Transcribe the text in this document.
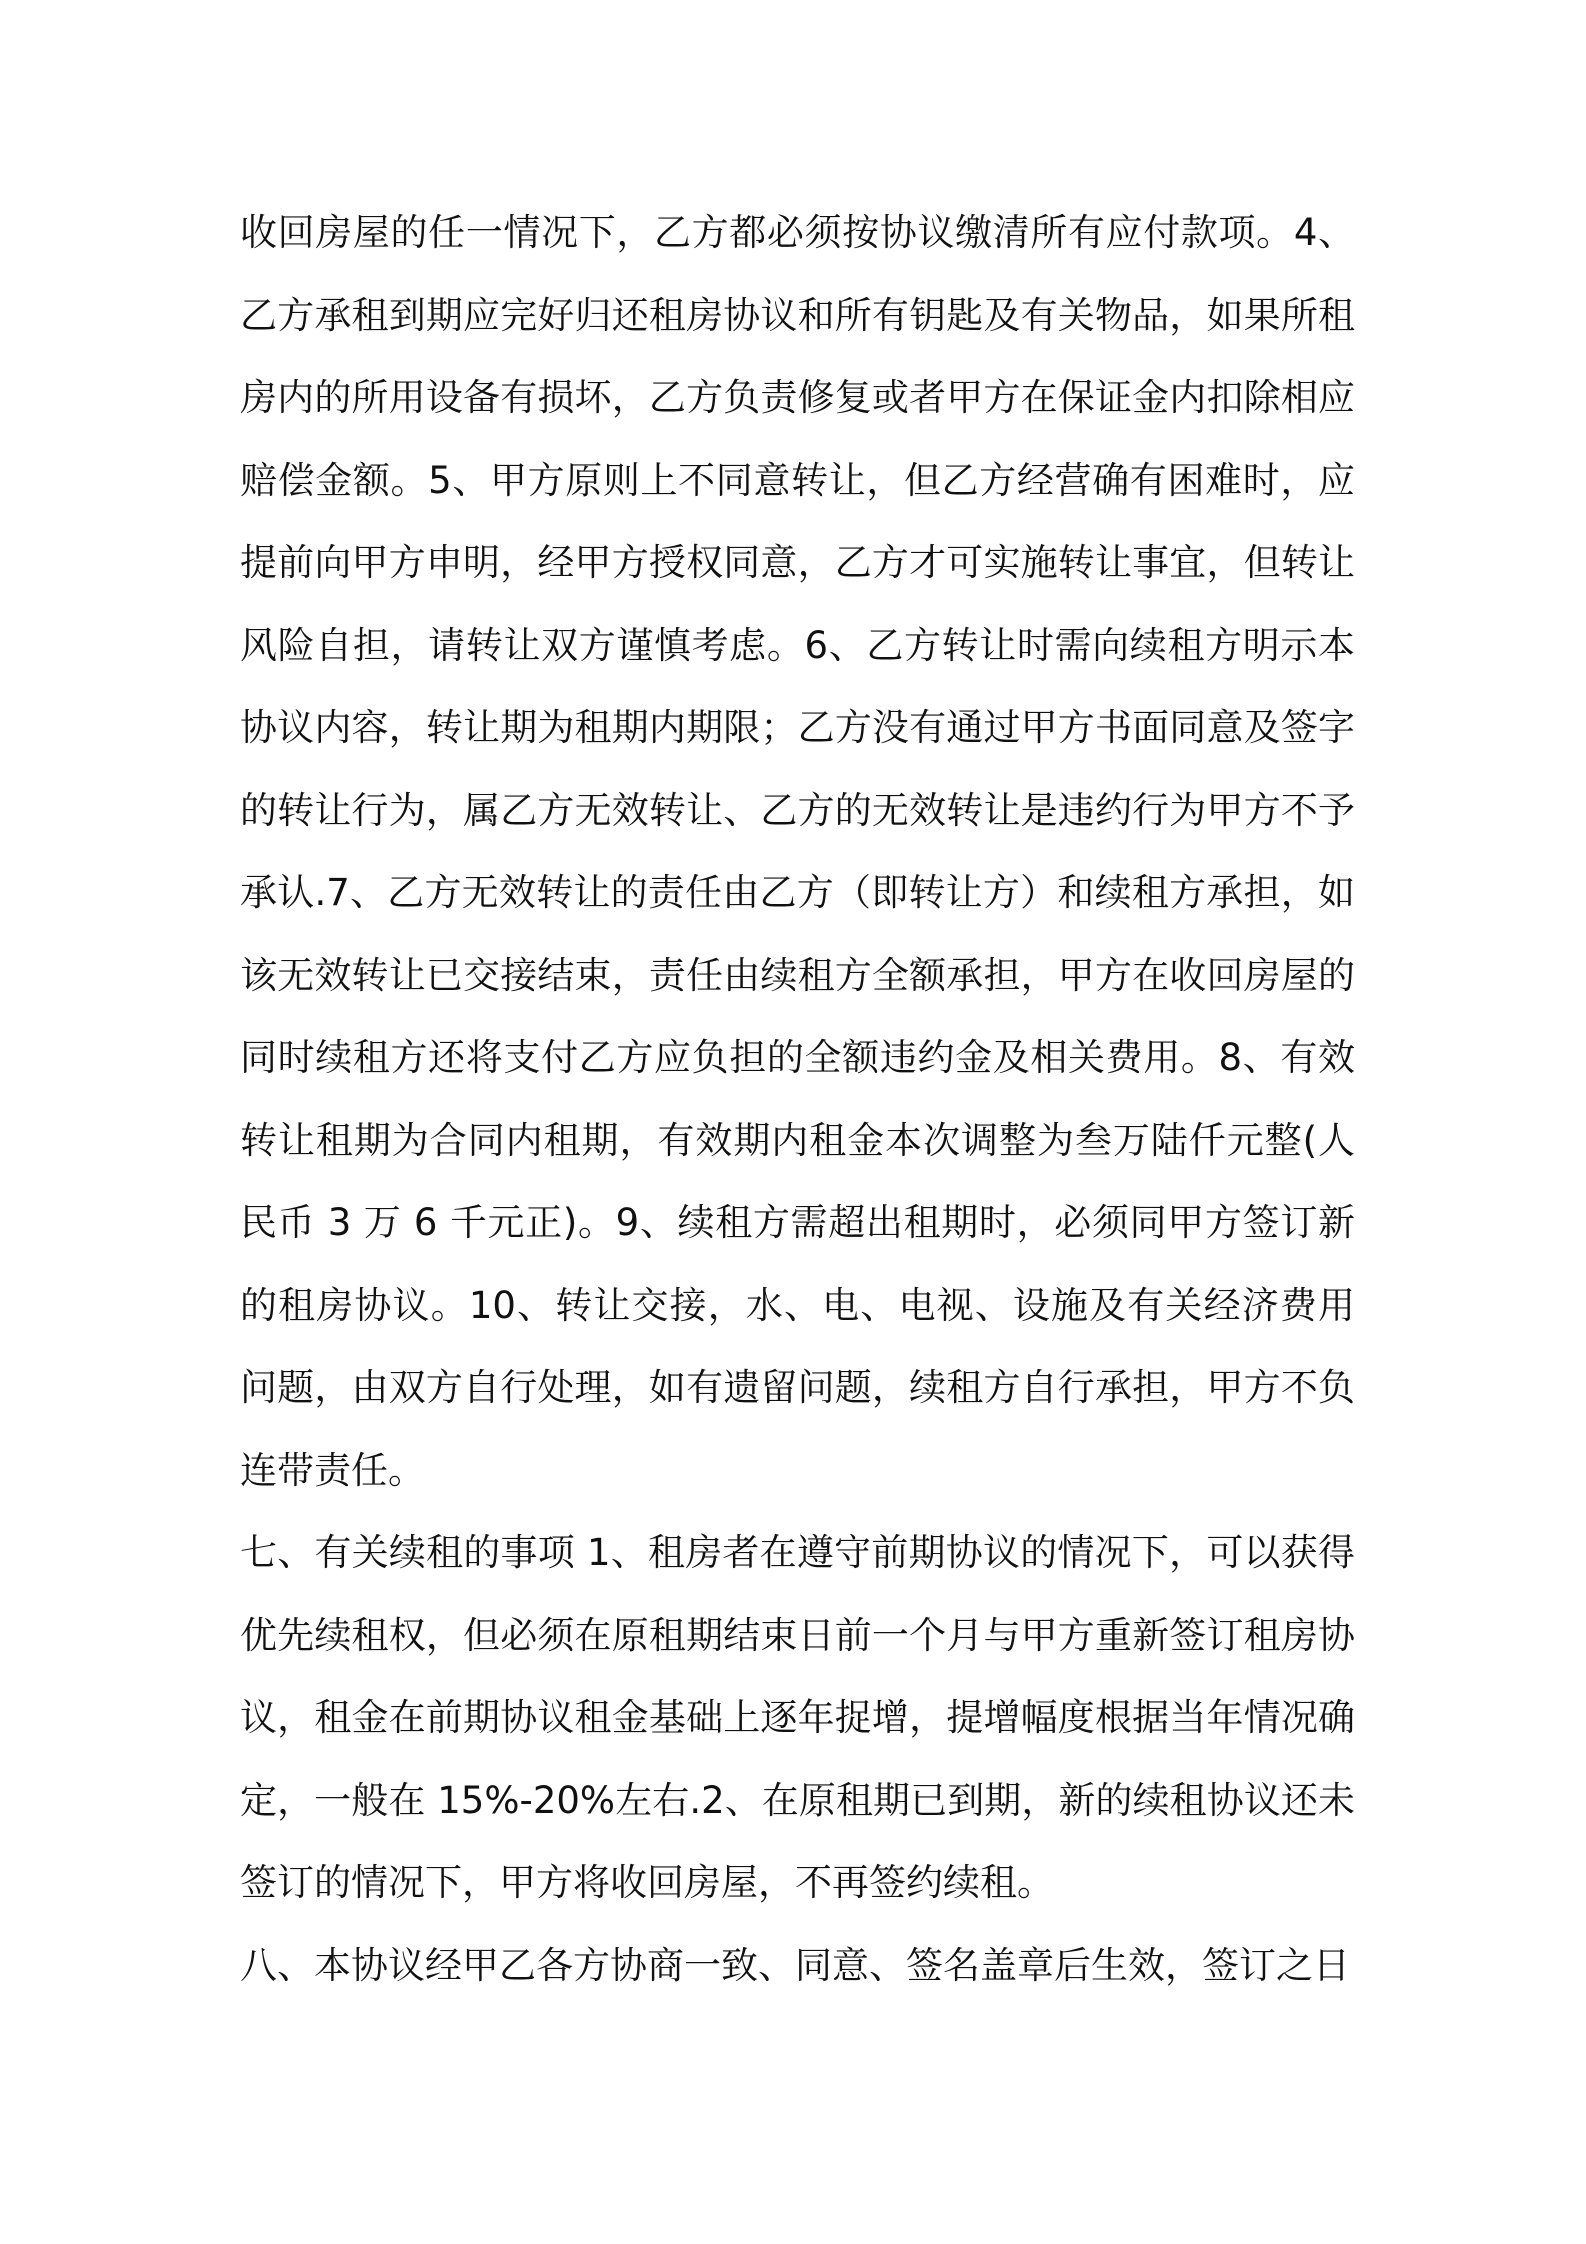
收回房屋的任一情况下，乙方都必须按协议缴清所有应付款项。4、乙方承租到期应完好归还租房协议和所有钥匙及有关物品，如果所租房内的所用设备有损坏，乙方负责修复或者甲方在保证金内扣除相应赔偿金额。5、甲方原则上不同意转让，但乙方经营确有困难时，应提前向甲方申明，经甲方授权同意，乙方才可实施转让事宜，但转让风险自担，请转让双方谨慎考虑。6、乙方转让时需向续租方明示本协议内容，转让期为租期内期限；乙方没有通过甲方书面同意及签字的转让行为，属乙方无效转让、乙方的无效转让是违约行为甲方不予承认.7、乙方无效转让的责任由乙方（即转让方）和续租方承担，如该无效转让已交接结束，责任由续租方全额承担，甲方在收回房屋的同时续租方还将支付乙方应负担的全额违约金及相关费用。8、有效转让租期为合同内租期，有效期内租金本次调整为叁万陆仟元整(人民币 3 万 6 千元正)。9、续租方需超出租期时，必须同甲方签订新的租房协议。10、转让交接，水、电、电视、设施及有关经济费用问题，由双方自行处理，如有遗留问题，续租方自行承担，甲方不负连带责任。

七、有关续租的事项 1、租房者在遵守前期协议的情况下，可以获得优先续租权，但必须在原租期结束日前一个月与甲方重新签订租房协议，租金在前期协议租金基础上逐年捉增，提增幅度根据当年情况确定，一般在 15%-20%左右.2、在原租期已到期，新的续租协议还未签订的情况下，甲方将收回房屋，不再签约续租。

八、本协议经甲乙各方协商一致、同意、签名盖章后生效，签订之日
